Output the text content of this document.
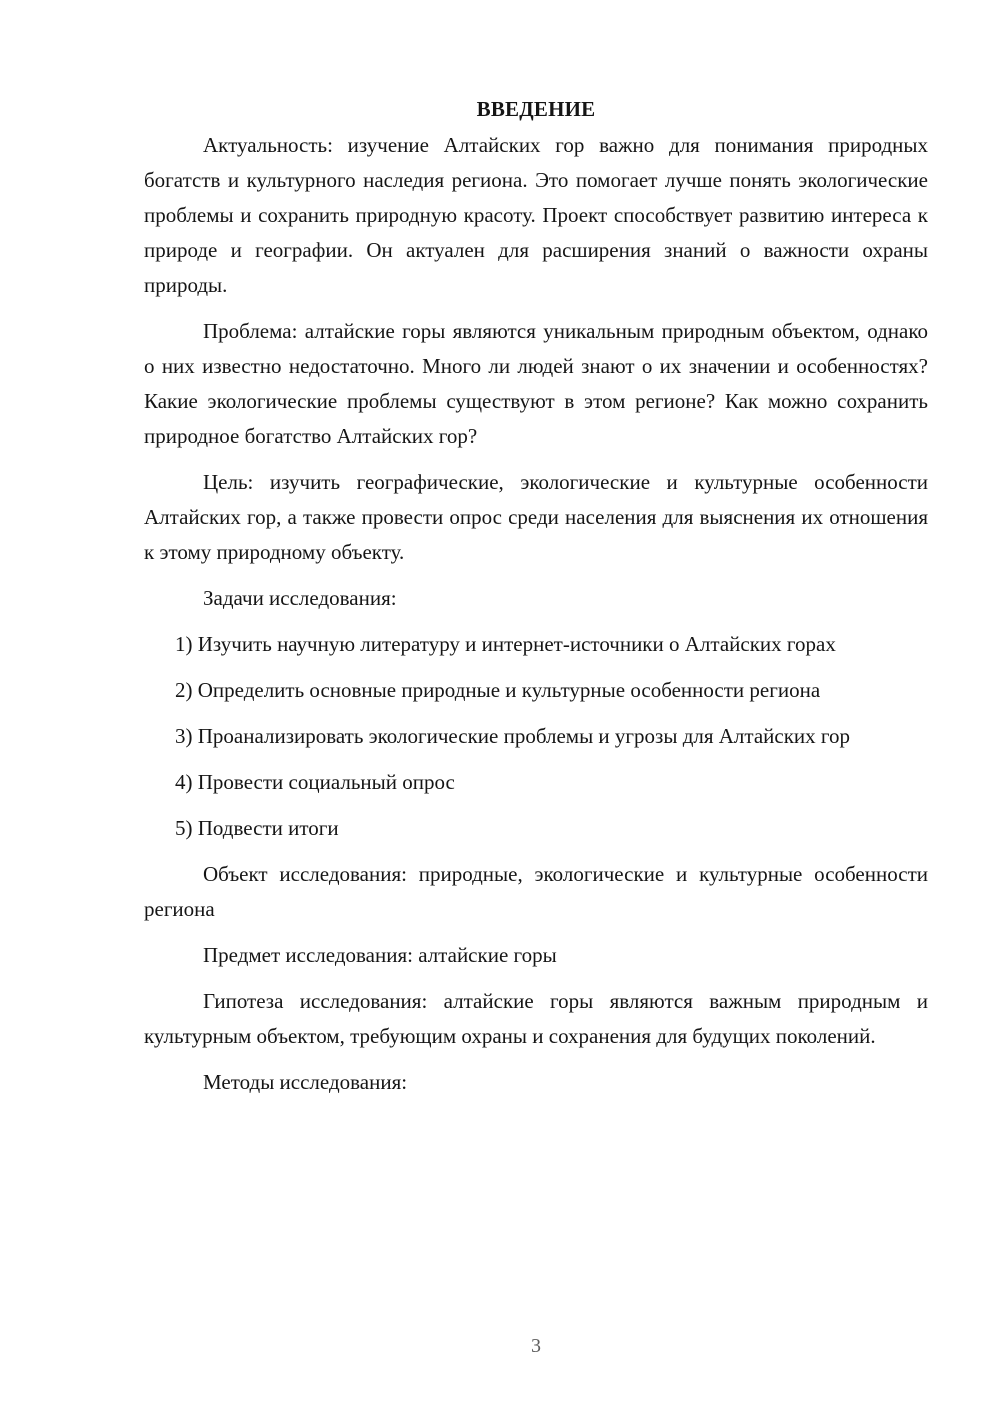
ВВЕДЕНИЕ

Актуальность: изучение Алтайских гор важно для понимания природных богатств и культурного наследия региона. Это помогает лучше понять экологические проблемы и сохранить природную красоту. Проект способствует развитию интереса к природе и географии. Он актуален для расширения знаний о важности охраны природы.

Проблема: алтайские горы являются уникальным природным объектом, однако о них известно недостаточно. Много ли людей знают о их значении и особенностях? Какие экологические проблемы существуют в этом регионе? Как можно сохранить природное богатство Алтайских гор?

Цель: изучить географические, экологические и культурные особенности Алтайских гор, а также провести опрос среди населения для выяснения их отношения к этому природному объекту.

Задачи исследования:

1) Изучить научную литературу и интернет-источники о Алтайских горах

2) Определить основные природные и культурные особенности региона

3) Проанализировать экологические проблемы и угрозы для Алтайских гор

4) Провести социальный опрос

5) Подвести итоги

Объект исследования: природные, экологические и культурные особенности региона

Предмет исследования: алтайские горы

Гипотеза исследования: алтайские горы являются важным природным и культурным объектом, требующим охраны и сохранения для будущих поколений.

Методы исследования:

3
